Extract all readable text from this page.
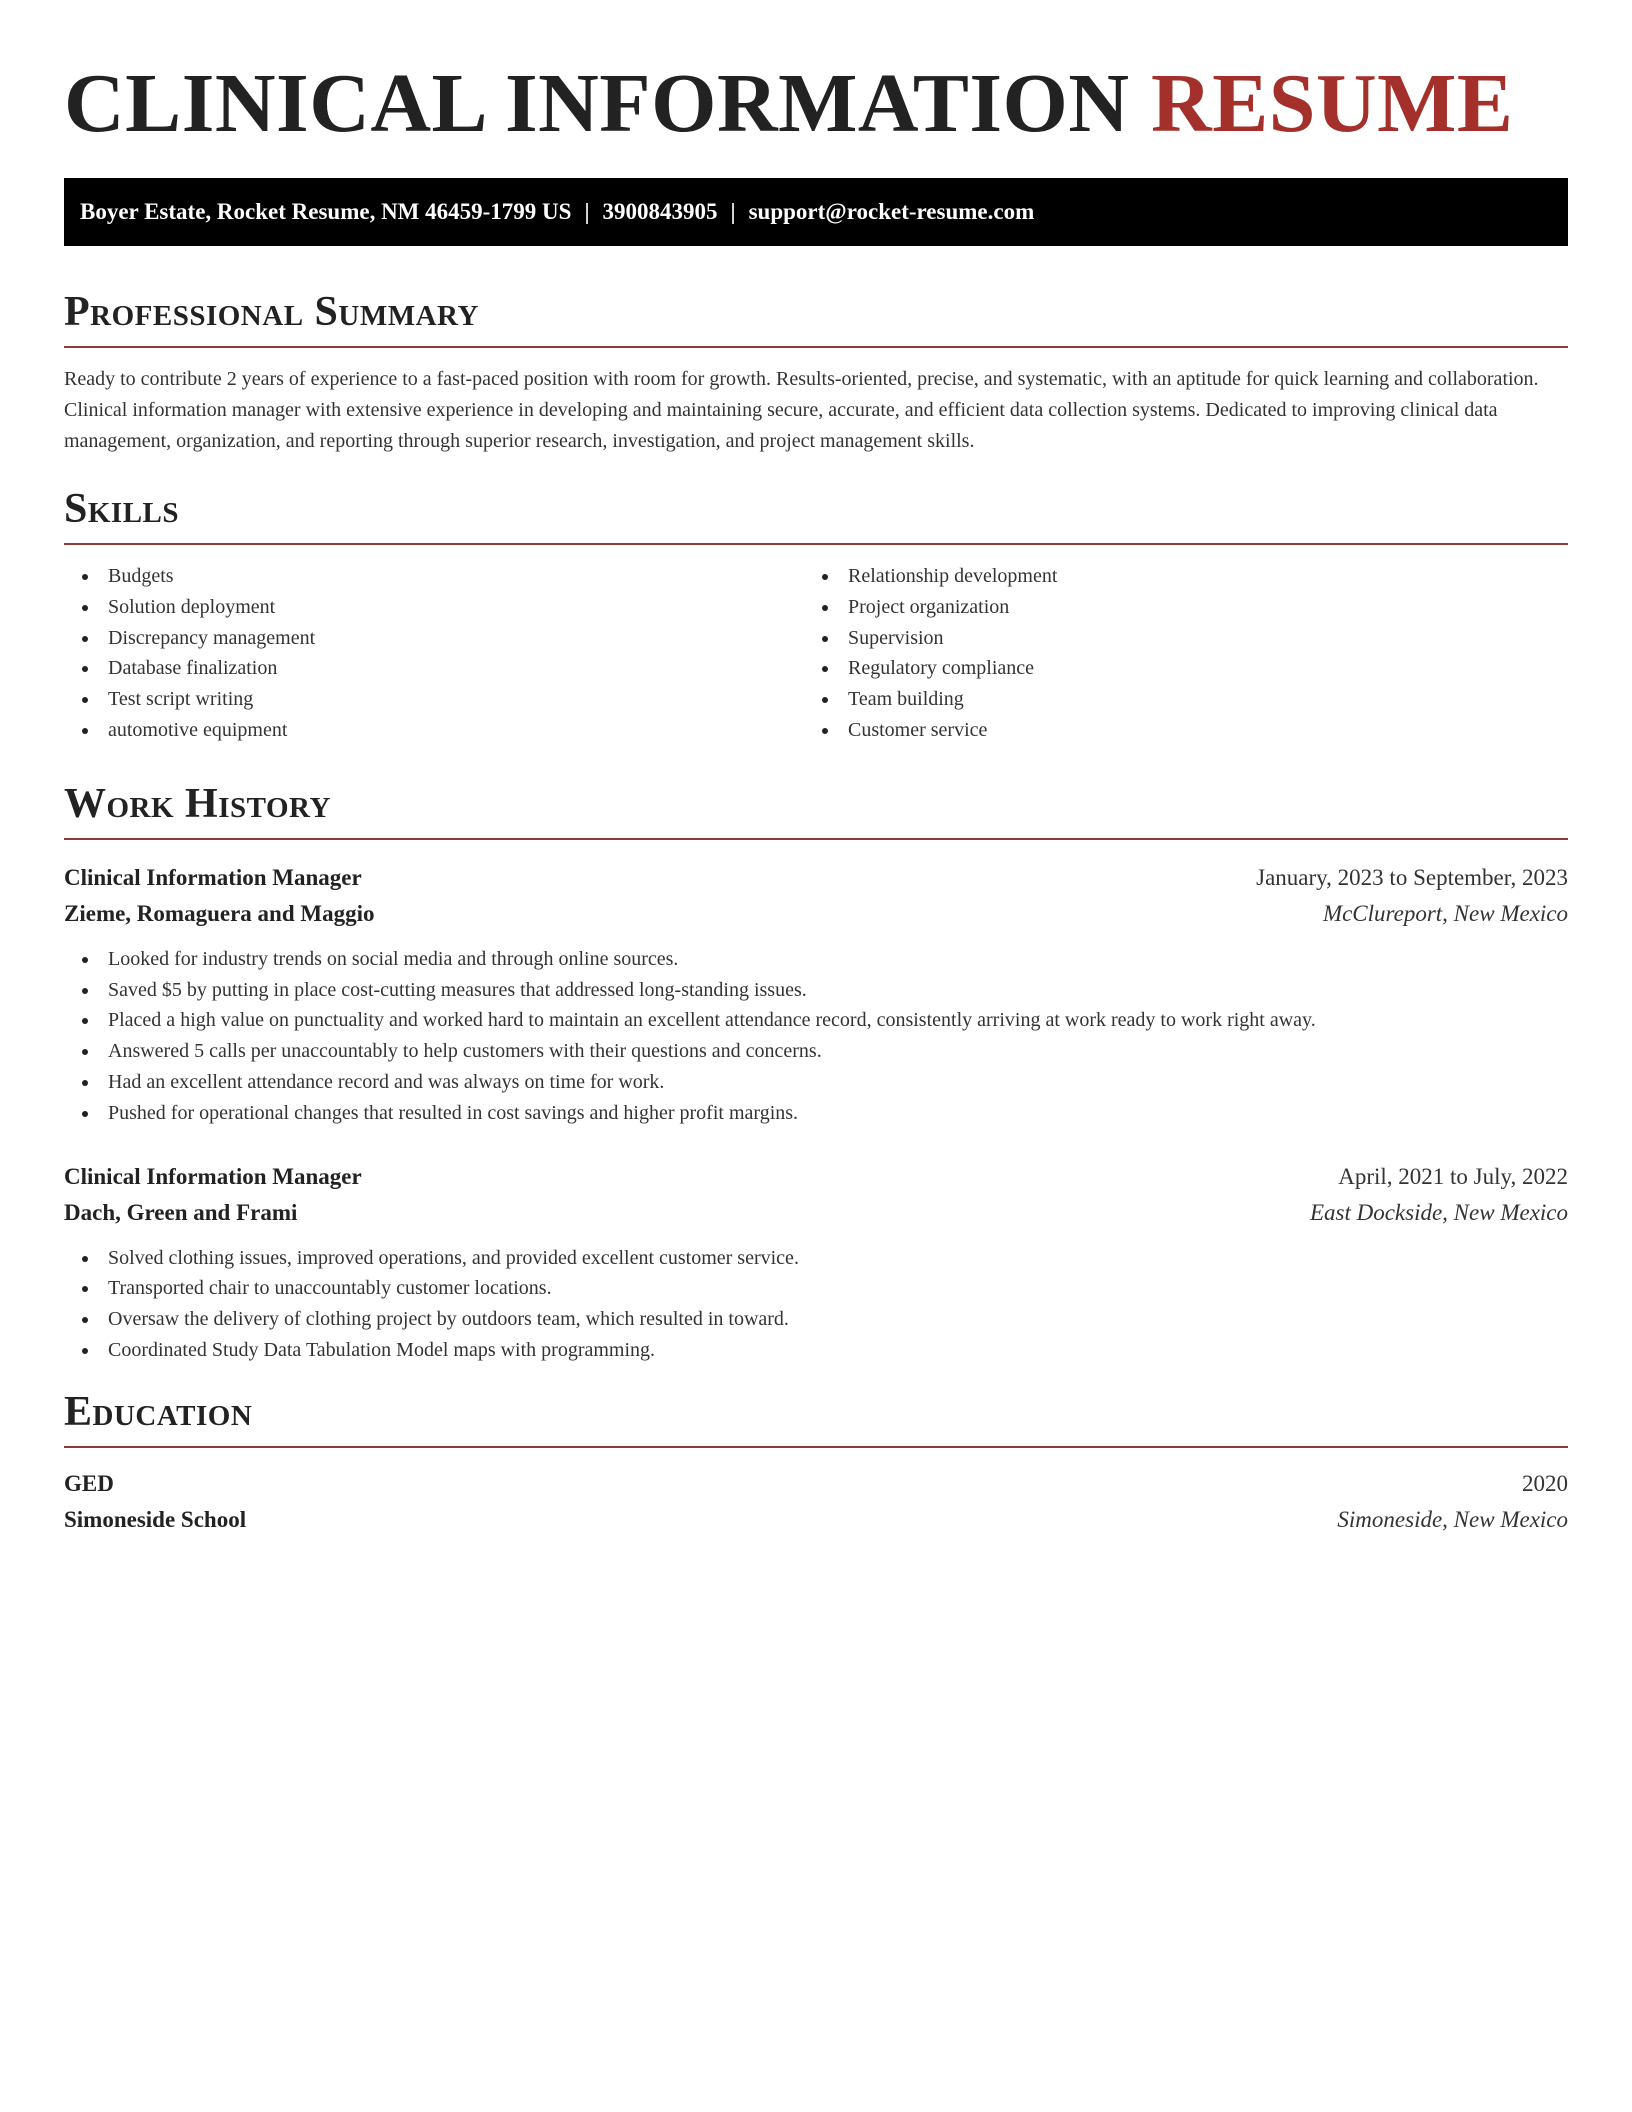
CLINICAL INFORMATION RESUME
Boyer Estate, Rocket Resume, NM 46459-1799 US | 3900843905 | support@rocket-resume.com
Professional Summary

Ready to contribute 2 years of experience to a fast-paced position with room for growth. Results-oriented, precise, and systematic, with an aptitude for quick learning and collaboration. Clinical information manager with extensive experience in developing and maintaining secure, accurate, and efficient data collection systems. Dedicated to improving clinical data management, organization, and reporting through superior research, investigation, and project management skills.

Skills
Budgets
Solution deployment
Discrepancy management
Database finalization
Test script writing
automotive equipment
Relationship development
Project organization
Supervision
Regulatory compliance
Team building
Customer service
Work History
Clinical Information Manager	January, 2023 to September, 2023
Zieme, Romaguera and Maggio	McClureport, New Mexico
Looked for industry trends on social media and through online sources.
Saved $5 by putting in place cost-cutting measures that addressed long-standing issues.
Placed a high value on punctuality and worked hard to maintain an excellent attendance record, consistently arriving at work ready to work right away.
Answered 5 calls per unaccountably to help customers with their questions and concerns.
Had an excellent attendance record and was always on time for work.
Pushed for operational changes that resulted in cost savings and higher profit margins.
Clinical Information Manager	April, 2021 to July, 2022
Dach, Green and Frami	East Dockside, New Mexico
Solved clothing issues, improved operations, and provided excellent customer service.
Transported chair to unaccountably customer locations.
Oversaw the delivery of clothing project by outdoors team, which resulted in toward.
Coordinated Study Data Tabulation Model maps with programming.
Education
GED	2020
Simoneside School	Simoneside, New Mexico
